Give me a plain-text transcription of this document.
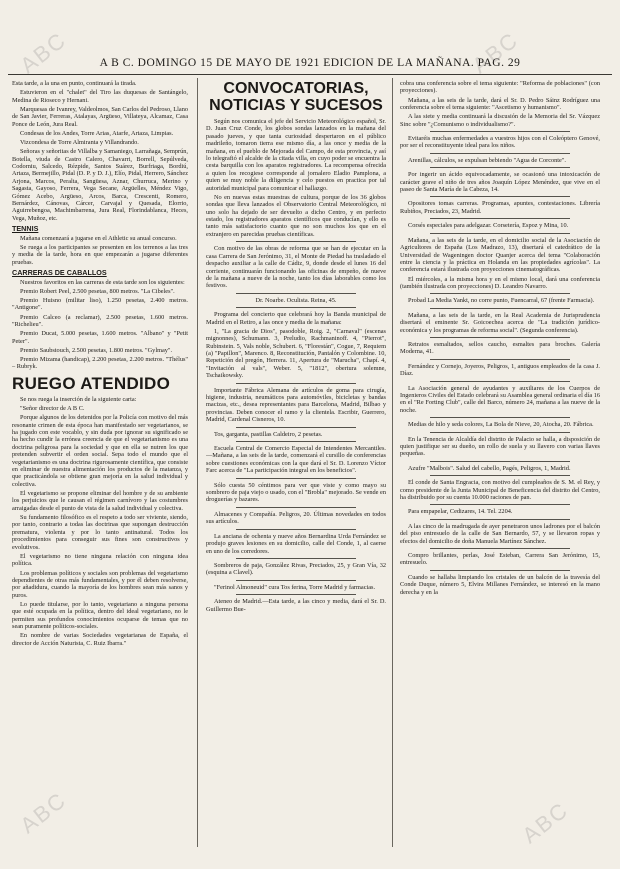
ABC	ABC
ABC	ABC
A B C. DOMINGO 15 DE MAYO DE 1921 EDICION DE LA MAÑANA. PAG. 29

Esta tarde, a la una en punto, continuará la tirada.

Estuvieron en el "chalet" del Tiro las duquesas de Santángelo, Medina de Rioseco y Hernani.

Marquesas de Ivanrey, Valdeolmos, San Carlos del Pedroso, Llano de San Javier, Ferreras, Atalayas, Argüeso, Villateya, Alcamaz, Casa Ponce de León, Jura Real.

Condesas de los Andes, Torre Arias, Atarfe, Artaza, Limpias.

Vizcondesa de Torre Almiranta y Villandrando.

Señoras y señoritas de Villalba y Samaniego, Larrañaga, Semprún, Botella, viuda de Castro Calero, Chavarri, Borrell, Sepúlveda, Codorniu, Salcedo, Rézpide, Santos Suárez, Burfriaga, Bordiú, Artaza, Bermejillo, Pidal (D. P. y D. J.), Elío, Pidal, Herrero, Sánchez Arjona, Marcos, Peralta, Sangüesa, Aznar, Churruca, Merino y Sagasta, Gayoso, Ferrera, Vega Secane, Argüelles, Méndez Vigo, Gómez Acebo, Argüeso, Arcos, Barca, Crescenti, Romero, Bernárdez, Cánovas, Cárcer, Carvajal y Quesada, Elorrio, Aguirrebengoa, Machimbarrena, Jura Real, Florindablanca, Heces, Vega, Muñoz, etc.

TENNIS

Mañana comenzará a jugarse en el Athletic su anual concurso.

Se ruega a los participantes se presenten en los terrenos a las tres y media de la tarde, hora en que empezarán a jugarse diferentes pruebas.

CARRERAS DE CABALLOS

Nuestros favoritos en las carreras de esta tarde son los siguientes:

Premio Robert Peel, 2.500 pesetas, 800 metros. "La Cibeles".

Premio Huisno (militar liso), 1.250 pesetas, 2.400 metros. "Antigone".

Premio Calceo (a reclamar), 2.500 pesetas, 1.600 metros. "Richelieu".

Premio Ducat, 5.000 pesetas, 1.600 metros. "Albano" y "Petit Peter".

Premio Saubstouch, 2.500 pesetas, 1.800 metros. "Gylmay".

Premio Mizama (handicap), 2.200 pesetas, 2.200 metros. "Thélus" – Rubryk.

RUEGO ATENDIDO

Se nos ruega la inserción de la siguiente carta:

"Señor director de A B C.

Porque algunos de los detenidos por la Policía con motivo del más resonante crimen de esta época han manifestado ser vegetarianos, se ha jugado con este vocablo, y sin duda por ignorar su significado se ha hecho cundir la errónea creencia de que el vegetarianismo es una doctrina peligrosa para la sociedad y que en ella se nutren los que pretenden subvertir el orden social. Sepa todo el mundo que el vegetarianismo es una doctrina rigurosamente científica, que consiste en eliminar de nuestra alimentación los productos de la matanza, y que practicándola se obtiene gran mejoría en la salud individual y colectiva.

El vegetarismo se propone eliminar del hombre y de su ambiente los perjuicios que le causan el régimen carnívoro y las costumbres arraigadas desde el punto de vista de la salud individual y colectiva.

Su fundamento filosófico es el respeto a todo ser viviente, siendo, por tanto, contrario a todas las doctrinas que supongan destrucción prematura, violenta y por lo tanto antinatural. Todos los procedimientos para conseguir sus fines son constructivos y evolutivos.

El vegetarismo no tiene ninguna relación con ninguna idea política.

Los problemas políticos y sociales son problemas del vegetarismo dependientes de otras más fundamentales, y por él deben resolverse, por añadidura, cuando la mayoría de los hombres sean más sanos y puros.

Lo puede titularse, por lo tanto, vegetariano a ninguna persona que esté ocupada en la política, dentro del ideal vegetariano, no le permiten sus profundos conocimientos ocuparse de temas que no sean puramente políticos-sociales.

En nombre de varias Sociedades vegetarianas de España, el director de Acción Naturista, C. Ruiz Ibarra."

CONVOCATORIAS, NOTICIAS Y SUCESOS

Según nos comunica el jefe del Servicio Meteorológico español, Sr. D. Juan Cruz Conde, los globos sondas lanzados en la mañana del pasado jueves, y que tanta curiosidad despertaron en el público madrileño, tomaron tierra ese mismo día, a las once y media de la mañana, en el pueblo de Mejorada del Campo, de esta provincia, y así lo telegrafió el alcalde de la citada villa, en cuyo poder se encuentra la cesta barquilla con los aparatos registradores. La recompensa ofrecida a quien los recogiese corresponde al jornalero Eladio Pamplona, a quien se muy noble la diligencia y celo puestos en practica por tal autoridad municipal para comunicar el hallazgo.

No en nuevas estas muestras de cultura, porque de los 36 globos sondas que lleva lanzados el Observatorio Central Meteorológico, ni uno solo ha dejado de ser devuelto a dicho Centro, y en perfecto estado, los registradores aparatos científicos que conducían, y ello es tanto más satisfactorio cuanto que no son muchos los que en el extranjero en parecidas pruebas científicas.

Con motivo de las obras de reforma que se han de ejecutar en la casa Carrera de San Jerónimo, 31, el Monte de Piedad ha trasladado el despacho auxiliar a la calle de Cádiz, 9, donde desde el lunes 16 del corriente, continuarán funcionando las oficinas de empeño, de nueve de la mañana a nueve de la noche, tanto los días laborables como los festivos.

Dr. Noarbe. Oculista. Reina, 45.

Programa del concierto que celebrará hoy la Banda municipal de Madrid en el Retiro, a las once y media de la mañana:

1, "La gracia de Dios", pasodoble, Roig. 2, "Carnaval" (escenas mignonnes), Schumann. 3, Preludio, Rachmaninoff. 4, "Pierrot", Rubinstein. 5, Vals noble, Schubert. 6, "Florestán", Cogue, 7, Requiem (a) "Papillon", Marenco. 8, Reconstitución, Pantalón y Colombine. 10, Repetición del pregón, Herrera. 11, Apertura de "Marucha", Chapí. 4, "Invitación al vals", Weber. 5, "1812", obertura solemne, Tschaikowsky.

Importante Fábrica Alemana de artículos de goma para cirugía, higiene, industria, neumáticos para automóviles, bicicletas y bandas macizas, etc., desea representantes para Barcelona, Madrid, Bilbao y provincias. Deben conocer el ramo y la clientela. Escribir, Guerrero, Madrid, Cardenal Cisneros, 10.

Tos, garganta, pastillas Caldeiro, 2 pesetas.

Escuela Central de Comercio Especial de Intendentes Mercantiles.—Mañana, a las seis de la tarde, comenzará el cursillo de conferencias sobre cuestiones económicas con la que dará el Sr. D. Lorenzo Víctor Farc acerca de "La participación integral en los beneficios".

Sólo cuesta 50 céntimos para ver que viste y como mayo su sombrero de paja viejo o usado, con el "Brobla" mejorado. Se vende en droguerías y bazares.

Almacenes y Compañía. Peligros, 20. Últimas novedades en todos sus artículos.

La anciana de ochenta y nueve años Bernardina Urda Fernández se produjo graves lesiones en su domicilio, calle del Conde, 1, al caerse en uno de los corredores.

Sombreros de paja, González Rivas, Preciados, 25, y Gran Vía, 32 (esquina a Clavel).

"Ferinol Almoneuid" cura Tos ferina, Torre Madrid y farmacias.

Ateneo de Madrid.—Esta tarde, a las cinco y media, dará el Sr. D. Guillermo Bue-

cobra una conferencia sobre el tema siguiente: "Reforma de poblaciones" (con proyecciones).

Mañana, a las seis de la tarde, dará el Sr. D. Pedro Sáinz Rodríguez una conferencia sobre el tema siguiente: "Ascetismo y humanismo".

A las siete y media continuará la discusión de la Memoria del Sr. Vázquez Sinc sobre "¿Comunismo o individualismo?".

Evitaréis muchas enfermedades a vuestros hijos con el Coleóptero Genové, por ser el reconstituyente ideal para los niños.

Arenillas, cálculos, se expulsan bebiendo "Agua de Corconte".

Por ingerir un ácido equivocadamente, se ocasionó una intoxicación de carácter grave el niño de tres años Joaquín López Menéndez, que vive en el paseo de Santa María de la Cabeza, 14.

Opositores tomas carreras. Programas, apuntes, contestaciones. Librería Rubiños, Preciados, 23, Madrid.

Corsés especiales para adelgazar. Corsetería, Espoz y Mina, 10.

Mañana, a las seis de la tarde, en el domicilio social de la Asociación de Agricultores de España (Los Madrazo, 13), disertará el catedrático de la Universidad de Wageningen doctor Quanjer acerca del tema "Colaboración entre la ciencia y la práctica en Holanda en las propiedades agrícolas". La conferencia estará ilustrada con proyecciones cinematográficas.

El miércoles, a la misma hora y en el mismo local, dará una conferencia (también ilustrada con proyecciones) D. Leandro Navarro.

Probad La Media Yankt, no corre punto, Fuencarral, 67 (frente Farmacia).

Mañana, a las seis de la tarde, en la Real Academia de Jurisprudencia disertará el eminente Sr. Goicoechea acerca de "La tradición jurídico-económica y los programas de reforma social". (Segunda conferencia).

Retratos esmaltados, sellos caucho, esmaltes para broches. Galería Moderna, 41.

Fernández y Cornejo, Joyeros, Peligros, 1, antiguos empleados de la casa J. Díaz.

La Asociación general de ayudantes y auxiliares de los Cuerpos de Ingenieros Civiles del Estado celebrará su Asamblea general ordinaria el día 16 en el "Re Forting Club", calle del Barco, número 24, mañana a las nueve de la noche.

Medias de hilo y seda colores, La Bola de Nieve, 20, Atocha, 20. Fábrica.

En la Tenencia de Alcaldía del distrito de Palacio se halla, a disposición de quien justifique ser su dueño, un rollo de suela y su llavero con varias llaves pequeñas.

Azufre "Malbois". Salud del cabello, Pagés, Peligros, 1, Madrid.

El conde de Santa Engracia, con motivo del cumpleaños de S. M. el Rey, y como presidente de la Junta Municipal de Beneficencia del distrito del Centro, ha distribuido por su cuenta 10.000 raciones de pan.

Para empapelar, Cedizares, 14. Tel. 2204.

A las cinco de la madrugada de ayer penetraron unos ladrones por el balcón del piso entresuelo de la calle de San Bernardo, 57, y se llevaron ropas y efectos del domicilio de doña Manuela Martínez Sánchez.

Compro brillantes, perlas, José Esteban, Carrera San Jerónimo, 15, entresuelo.

Cuando se hallaba limpiando los cristales de un balcón de la travesía del Conde Duque, número 5, Elvira Millanes Fernández, se interesó en la mano derecha y en la
